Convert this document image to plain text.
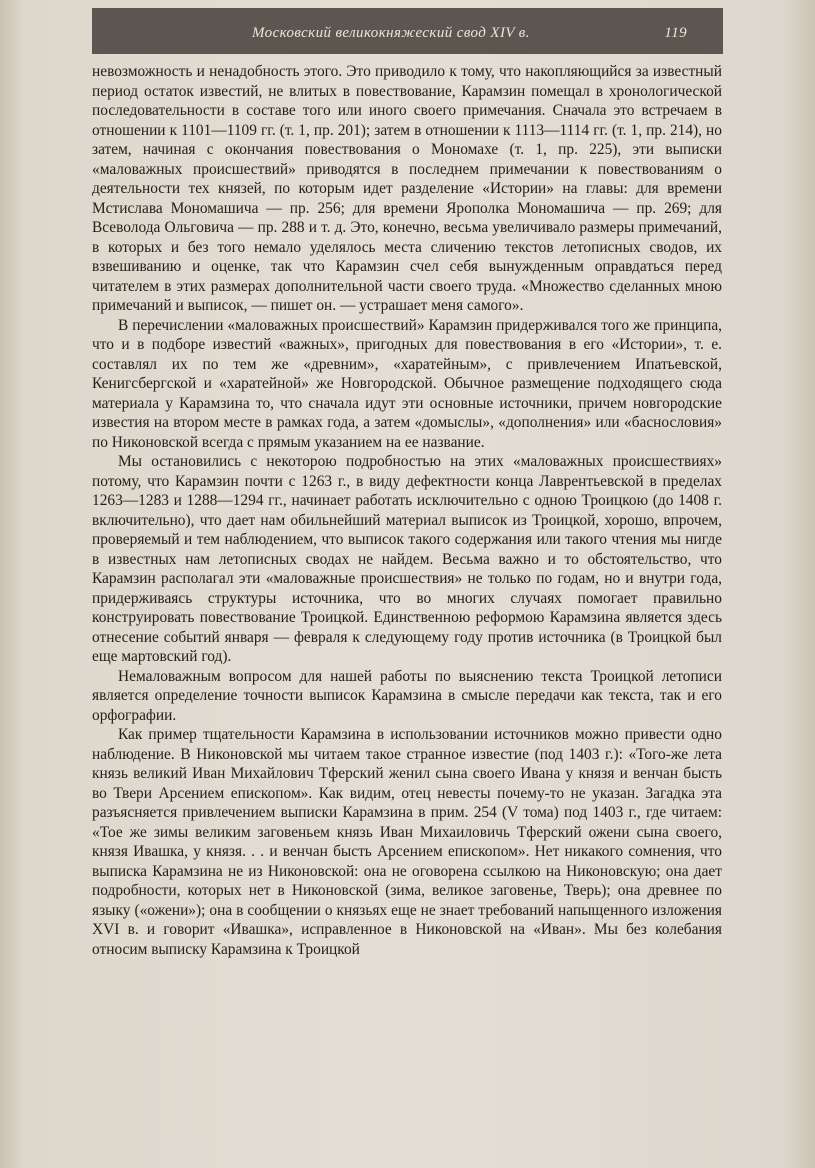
Московский великокняжеский свод XIV в.	119

невозможность и ненадобность этого. Это приводило к тому, что накопляющийся за известный период остаток известий, не влитых в повествование, Карамзин помещал в хронологической последовательности в составе того или иного своего примечания. Сначала это встречаем в отношении к 1101—1109 гг. (т. 1, пр. 201); затем в отношении к 1113—1114 гг. (т. 1, пр. 214), но затем, начиная с окончания повествования о Мономахе (т. 1, пр. 225), эти выписки «маловажных происшествий» приводятся в последнем примечании к повествованиям о деятельности тех князей, по которым идет разделение «Истории» на главы: для времени Мстислава Мономашича — пр. 256; для времени Ярополка Мономашича — пр. 269; для Всеволода Ольговича — пр. 288 и т. д. Это, конечно, весьма увеличивало размеры примечаний, в которых и без того немало уделялось места сличению текстов летописных сводов, их взвешиванию и оценке, так что Карамзин счел себя вынужденным оправдаться перед читателем в этих размерах дополнительной части своего труда. «Множество сделанных мною примечаний и выписок, — пишет он. — устрашает меня самого».

В перечислении «маловажных происшествий» Карамзин придерживался того же принципа, что и в подборе известий «важных», пригодных для повествования в его «Истории», т. е. составлял их по тем же «древним», «харатейным», с привлечением Ипатьевской, Кенигсбергской и «харатейной» же Новгородской. Обычное размещение подходящего сюда материала у Карамзина то, что сначала идут эти основные источники, причем новгородские известия на втором месте в рамках года, а затем «домыслы», «дополнения» или «баснословия» по Никоновской всегда с прямым указанием на ее название.

Мы остановились с некоторою подробностью на этих «маловажных происшествиях» потому, что Карамзин почти с 1263 г., в виду дефектности конца Лаврентьевской в пределах 1263—1283 и 1288—1294 гг., начинает работать исключительно с одною Троицкою (до 1408 г. включительно), что дает нам обильнейший материал выписок из Троицкой, хорошо, впрочем, проверяемый и тем наблюдением, что выписок такого содержания или такого чтения мы нигде в известных нам летописных сводах не найдем. Весьма важно и то обстоятельство, что Карамзин располагал эти «маловажные происшествия» не только по годам, но и внутри года, придерживаясь структуры источника, что во многих случаях помогает правильно конструировать повествование Троицкой. Единственною реформою Карамзина является здесь отнесение событий января — февраля к следующему году против источника (в Троицкой был еще мартовский год).

Немаловажным вопросом для нашей работы по выяснению текста Троицкой летописи является определение точности выписок Карамзина в смысле передачи как текста, так и его орфографии.

Как пример тщательности Карамзина в использовании источников можно привести одно наблюдение. В Никоновской мы читаем такое странное известие (под 1403 г.): «Того-же лета князь великий Иван Михайлович Тферский женил сына своего Ивана у князя и венчан бысть во Твери Арсением епископом». Как видим, отец невесты почему-то не указан. Загадка эта разъясняется привлечением выписки Карамзина в прим. 254 (V тома) под 1403 г., где читаем: «Тое же зимы великим заговеньем князь Иван Михаиловичь Тферский ожени сына своего, князя Ивашка, у князя. . . и венчан бысть Арсением епископом». Нет никакого сомнения, что выписка Карамзина не из Никоновской: она не оговорена ссылкою на Никоновскую; она дает подробности, которых нет в Никоновской (зима, великое заговенье, Тверь); она древнее по языку («ожени»); она в сообщении о князьях еще не знает требований напыщенного изложения XVI в. и говорит «Ивашка», исправленное в Никоновской на «Иван». Мы без колебания относим выписку Карамзина к Троицкой
